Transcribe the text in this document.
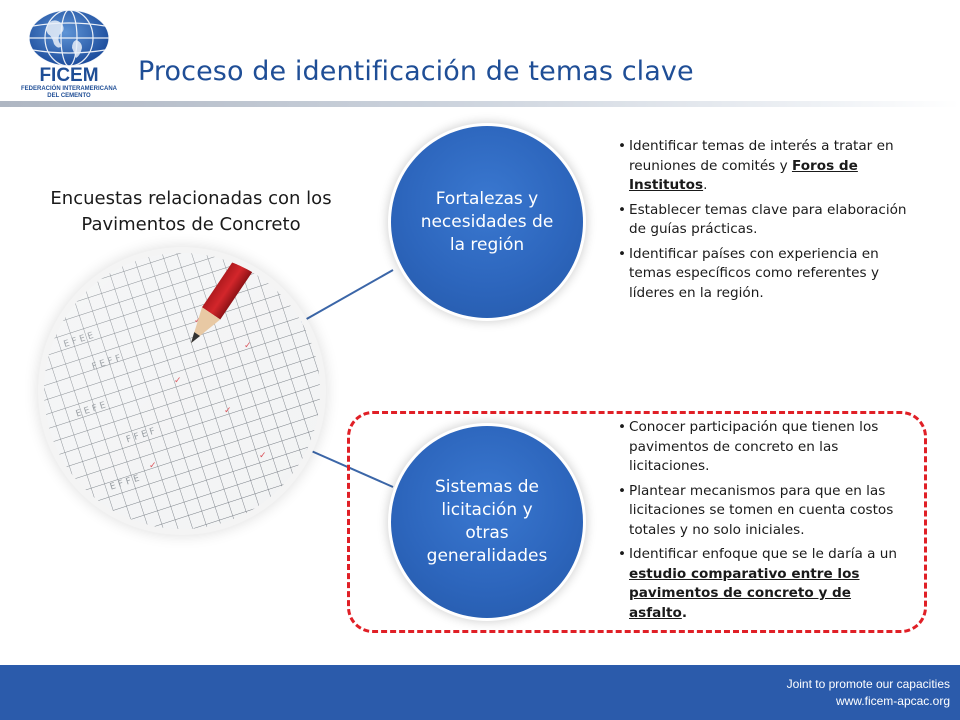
FICEM
FEDERACIÓN INTERAMERICANA
DEL CEMENTO
Proceso de identificación de temas clave
Encuestas relacionadas con los Pavimentos de Concreto
Fortalezas y necesidades de la región
• Identificar temas de interés a tratar en reuniones de comités y Foros de Institutos.
• Establecer temas clave para elaboración de guías prácticas.
• Identificar países con experiencia en temas específicos como referentes y líderes en la región.
Sistemas de licitación y otras generalidades
• Conocer participación que tienen los pavimentos de concreto en las licitaciones.
• Plantear mecanismos para que en las licitaciones se tomen en cuenta costos totales y no solo iniciales.
• Identificar enfoque que se le daría a un estudio comparativo entre los pavimentos de concreto y de asfalto.
Joint to promote our capacities
www.ficem-apcac.org
